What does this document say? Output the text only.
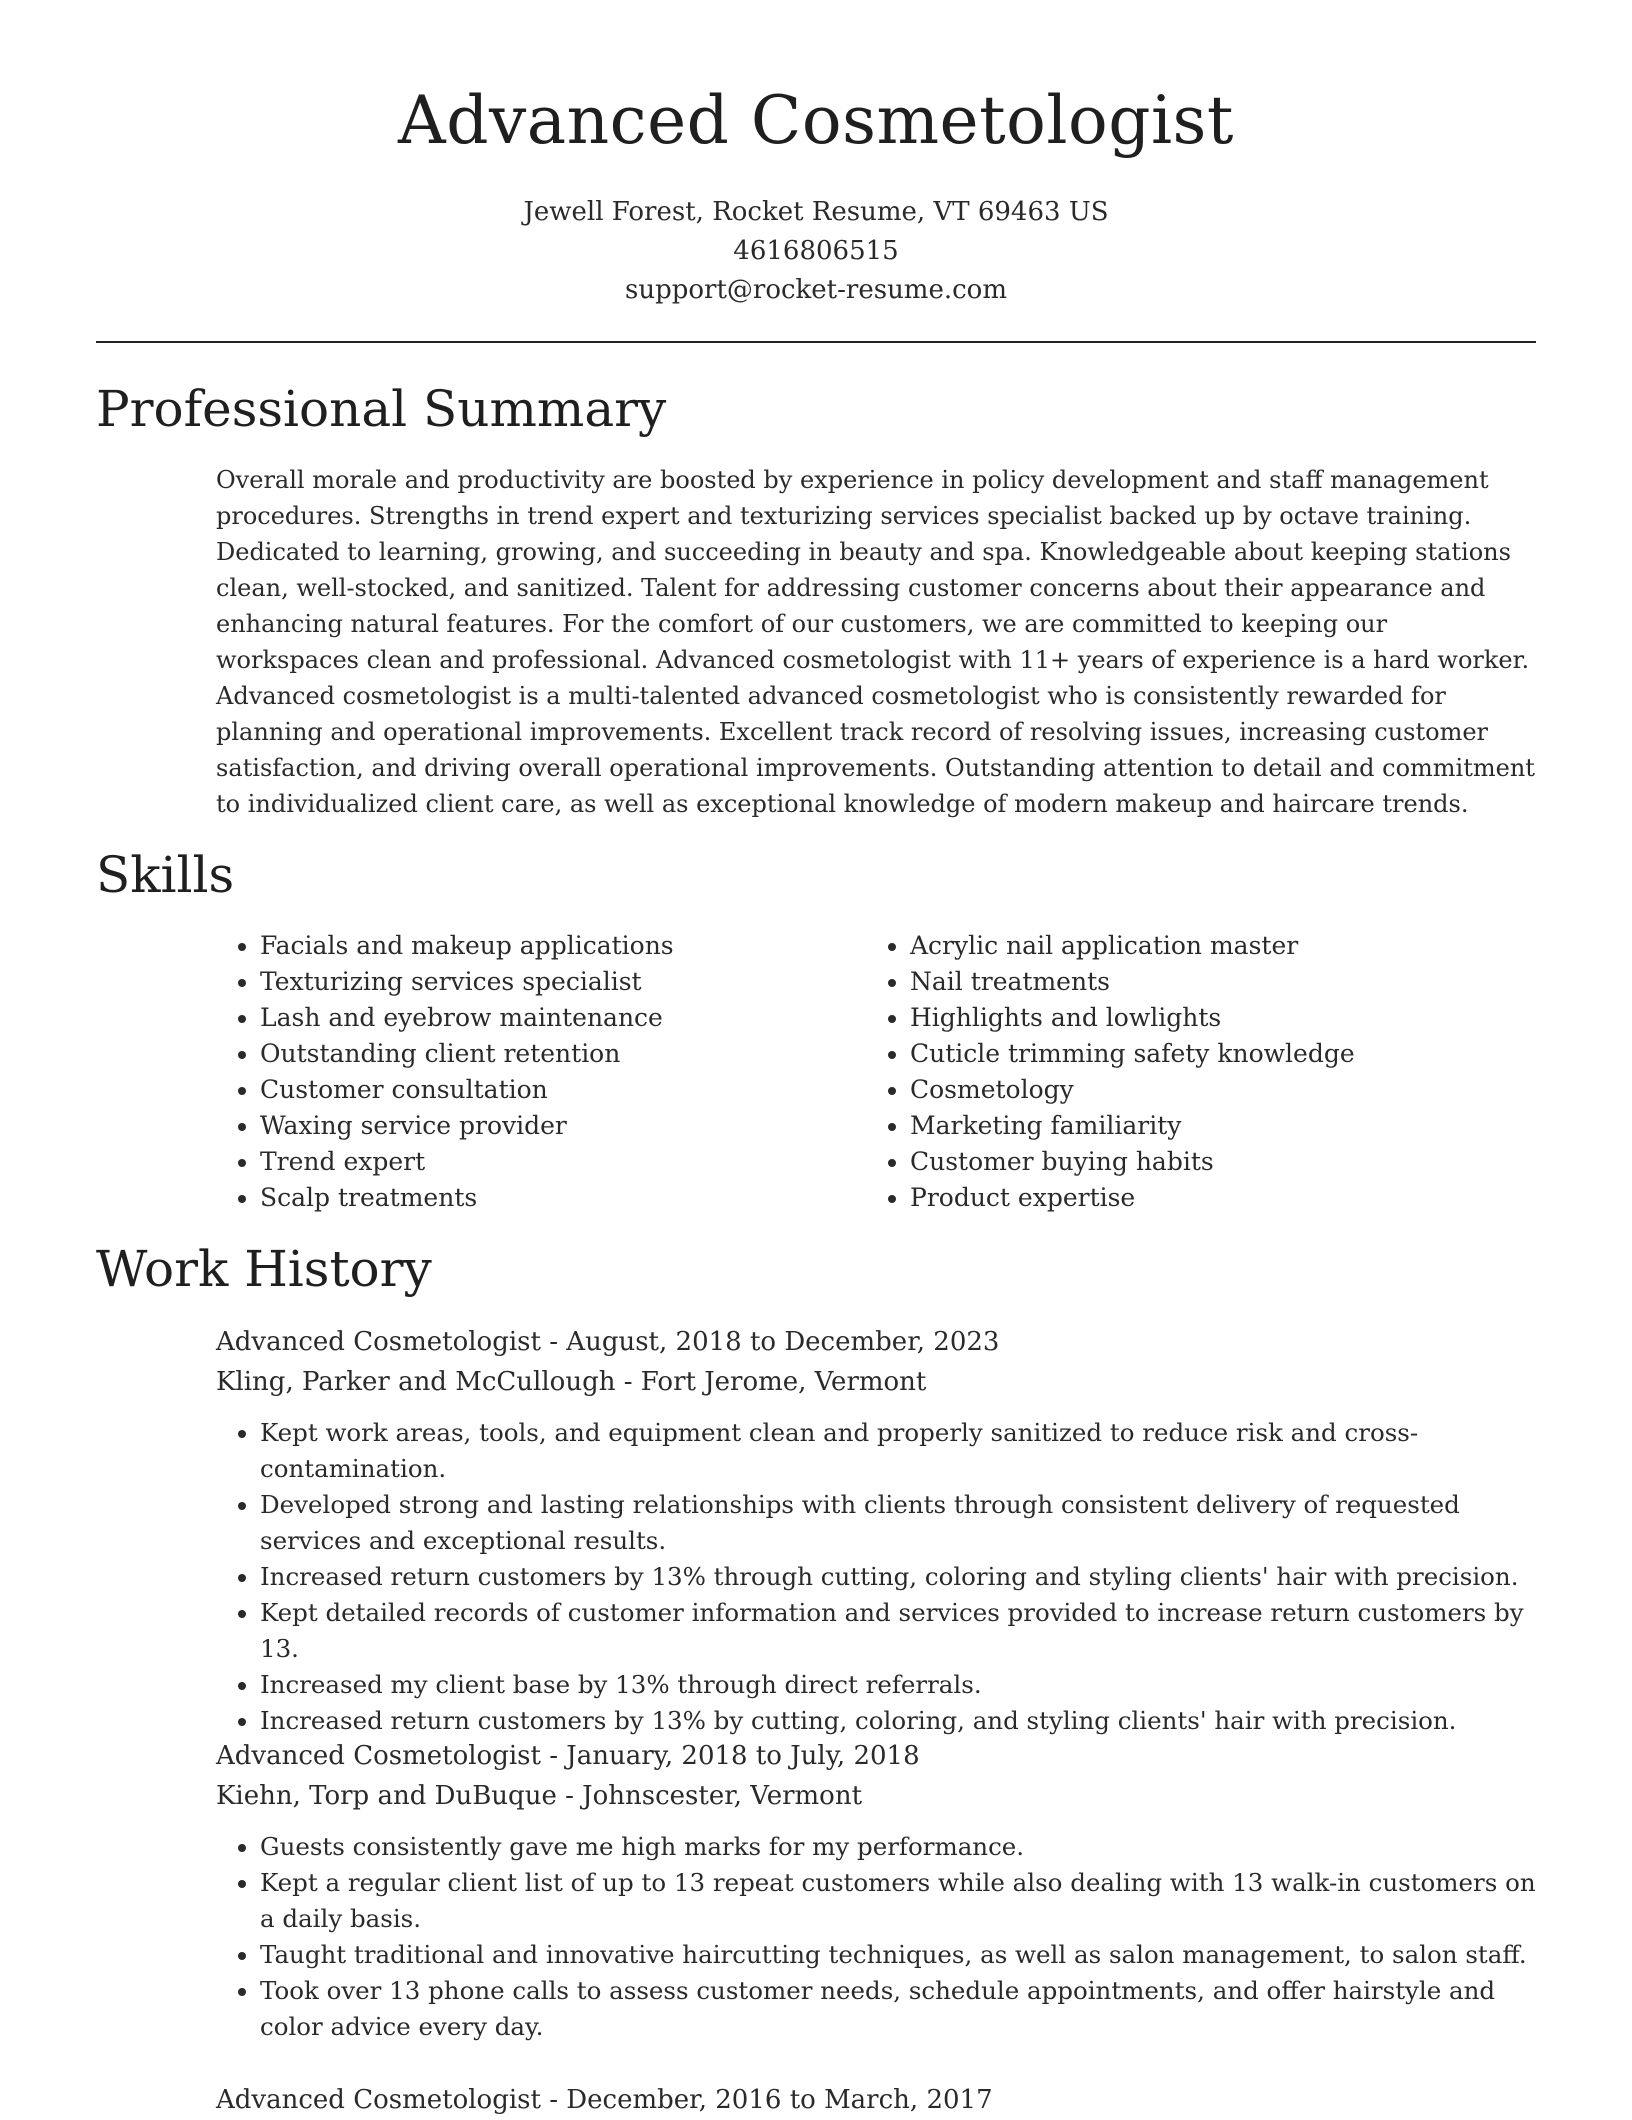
Advanced Cosmetologist
Jewell Forest, Rocket Resume, VT 69463 US
4616806515
support@rocket-resume.com
Professional Summary

Overall morale and productivity are boosted by experience in policy development and staff management procedures. Strengths in trend expert and texturizing services specialist backed up by octave training. Dedicated to learning, growing, and succeeding in beauty and spa. Knowledgeable about keeping stations clean, well-stocked, and sanitized. Talent for addressing customer concerns about their appearance and enhancing natural features. For the comfort of our customers, we are committed to keeping our workspaces clean and professional. Advanced cosmetologist with 11+ years of experience is a hard worker. Advanced cosmetologist is a multi-talented advanced cosmetologist who is consistently rewarded for planning and operational improvements. Excellent track record of resolving issues, increasing customer satisfaction, and driving overall operational improvements. Outstanding attention to detail and commitment to individualized client care, as well as exceptional knowledge of modern makeup and haircare trends.

Skills
• Facials and makeup applications
• Texturizing services specialist
• Lash and eyebrow maintenance
• Outstanding client retention
• Customer consultation
• Waxing service provider
• Trend expert
• Scalp treatments
• Acrylic nail application master
• Nail treatments
• Highlights and lowlights
• Cuticle trimming safety knowledge
• Cosmetology
• Marketing familiarity
• Customer buying habits
• Product expertise
Work History

Advanced Cosmetologist - August, 2018 to December, 2023

Kling, Parker and McCullough - Fort Jerome, Vermont

• Kept work areas, tools, and equipment clean and properly sanitized to reduce risk and cross-contamination.
• Developed strong and lasting relationships with clients through consistent delivery of requested services and exceptional results.
• Increased return customers by 13% through cutting, coloring and styling clients' hair with precision.
• Kept detailed records of customer information and services provided to increase return customers by 13.
• Increased my client base by 13% through direct referrals.
• Increased return customers by 13% by cutting, coloring, and styling clients' hair with precision.

Advanced Cosmetologist - January, 2018 to July, 2018

Kiehn, Torp and DuBuque - Johnscester, Vermont

• Guests consistently gave me high marks for my performance.
• Kept a regular client list of up to 13 repeat customers while also dealing with 13 walk-in customers on a daily basis.
• Taught traditional and innovative haircutting techniques, as well as salon management, to salon staff.
• Took over 13 phone calls to assess customer needs, schedule appointments, and offer hairstyle and color advice every day.

Advanced Cosmetologist - December, 2016 to March, 2017
